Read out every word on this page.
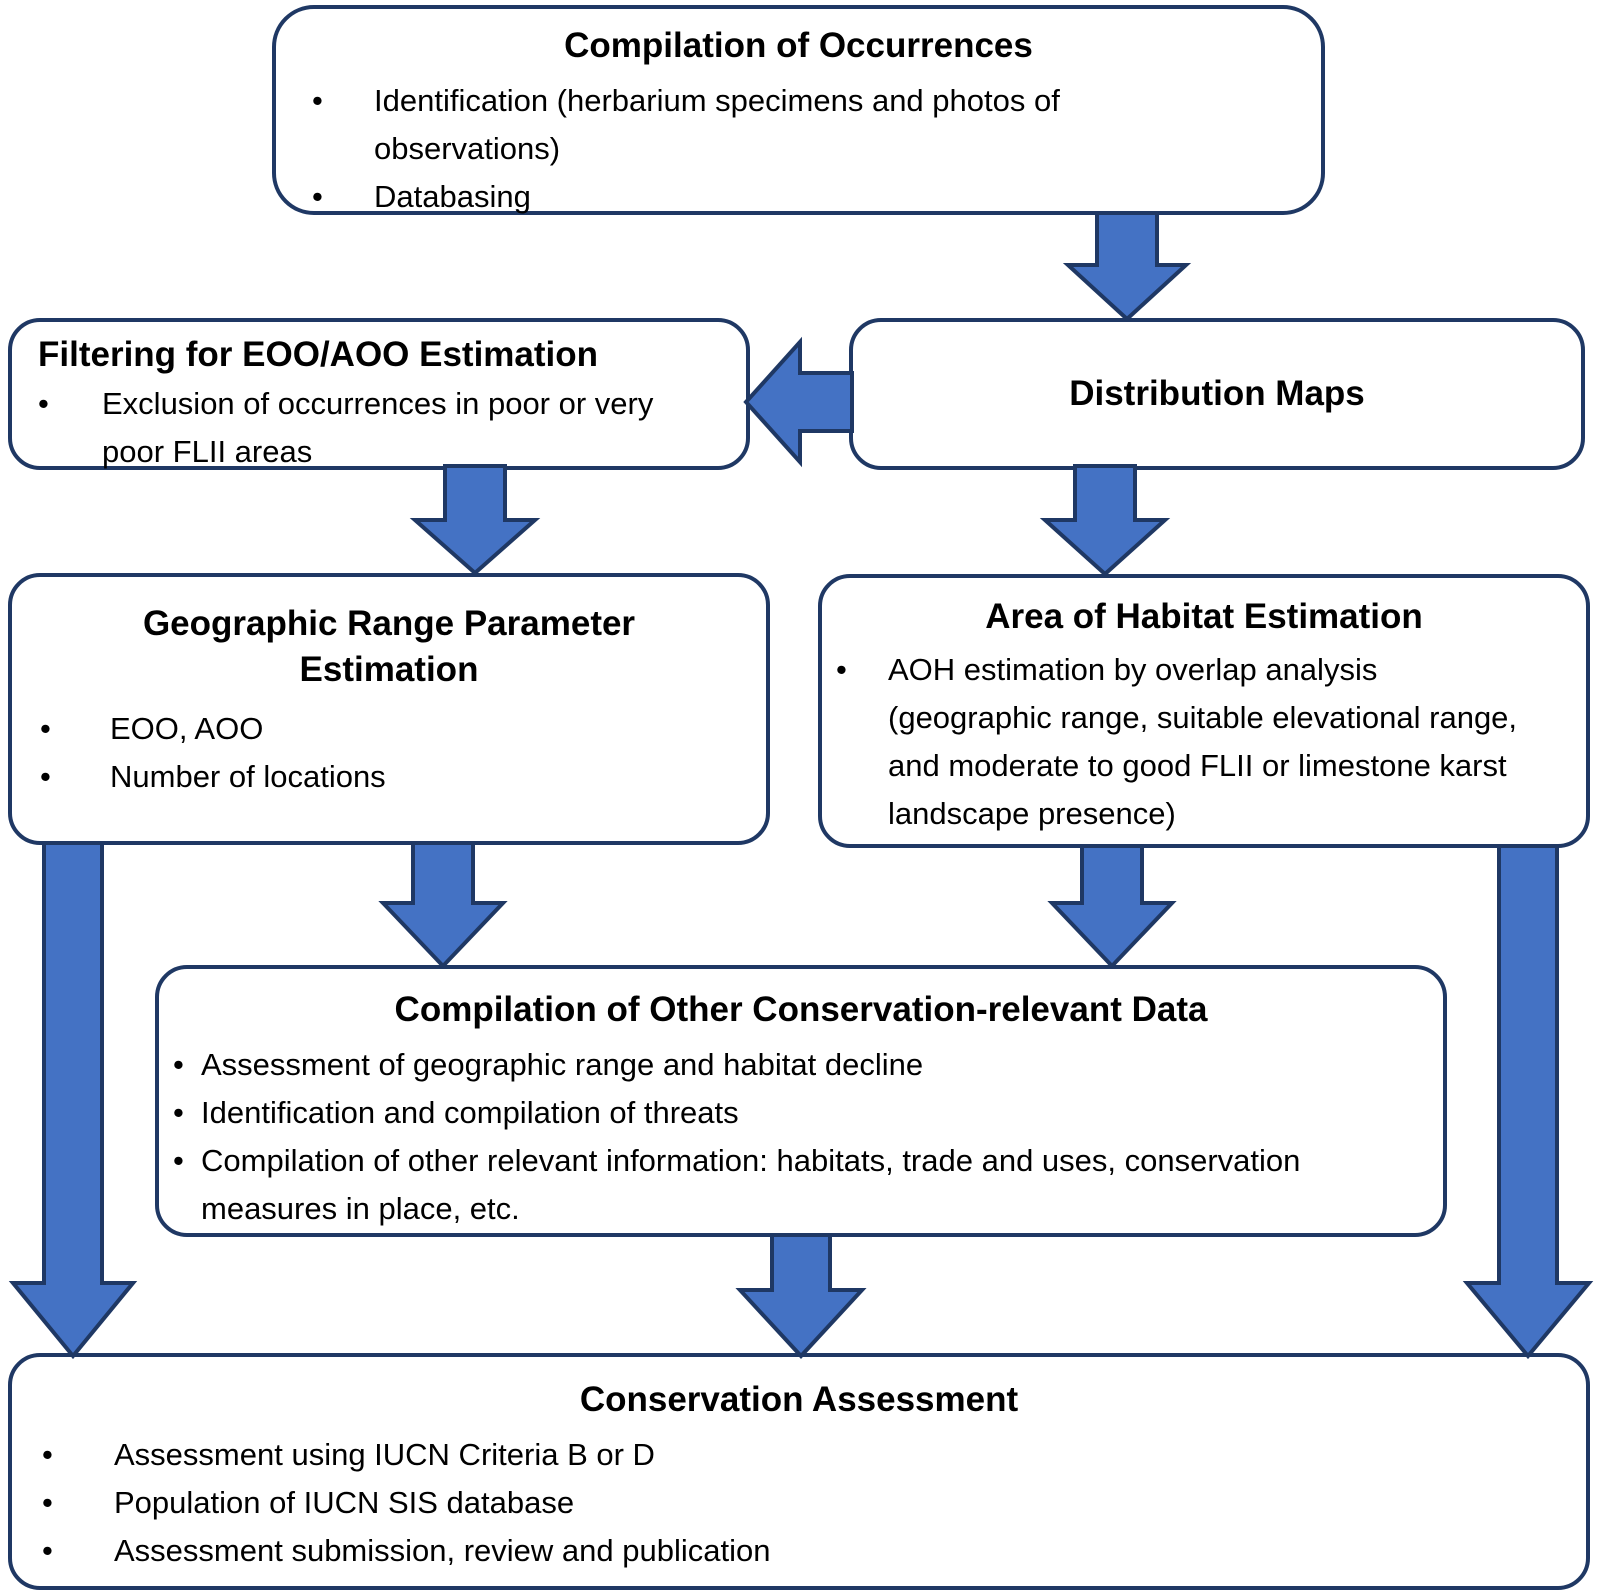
Compilation of Occurrences
•	Identification (herbarium specimens and photos of observations)
•	Databasing
Filtering for EOO/AOO Estimation
•	Exclusion of occurrences in poor or very poor FLII areas
Distribution Maps
Geographic Range Parameter Estimation
•	EOO, AOO
•	Number of locations
Area of Habitat Estimation
•	AOH estimation by overlap analysis (geographic range, suitable elevational range, and moderate to good FLII or limestone karst landscape presence)
Compilation of Other Conservation-relevant Data
• Assessment of geographic range and habitat decline
• Identification and compilation of threats
• Compilation of other relevant information: habitats, trade and uses, conservation measures in place, etc.
Conservation Assessment
•	Assessment using IUCN Criteria B or D
•	Population of IUCN SIS database
•	Assessment submission, review and publication
